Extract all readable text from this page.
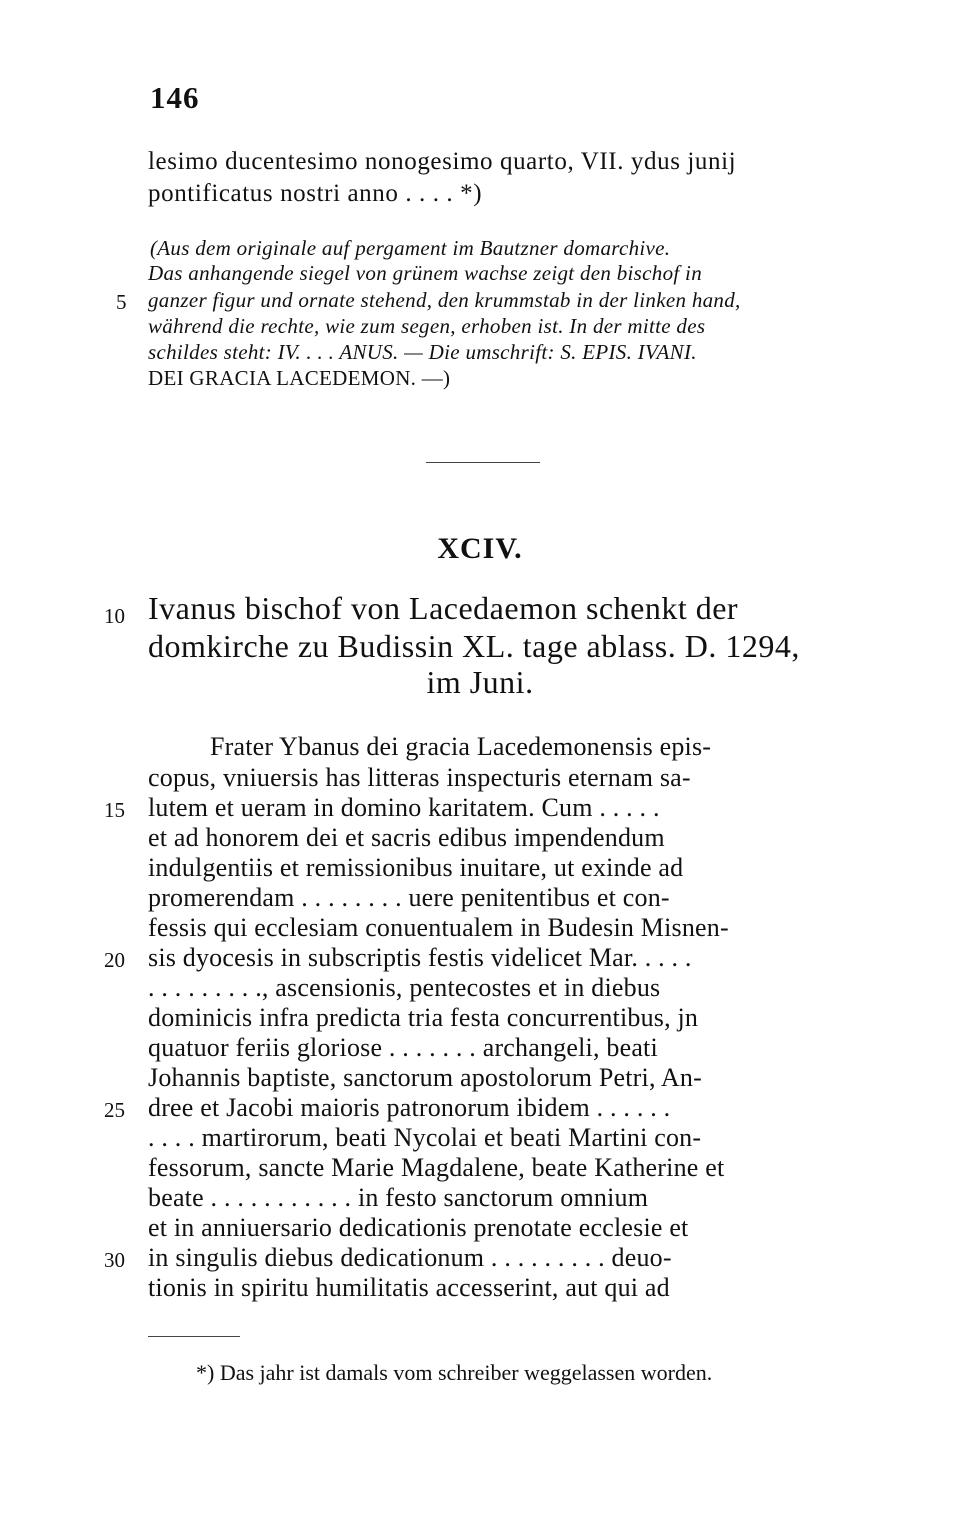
146
lesimo ducentesimo nonogesimo quarto, VII. ydus junij
pontificatus nostri anno . . . . *)
(Aus dem originale auf pergament im Bautzner domarchive.
Das anhangende siegel von grünem wachse zeigt den bischof in
ganzer figur und ornate stehend, den krummstab in der linken hand,
während die rechte, wie zum segen, erhoben ist. In der mitte des
schildes steht: IV. . . . ANUS. — Die umschrift: S. EPIS. IVANI.
DEI GRACIA LACEDEMON. —)
5
XCIV.
10 Ivanus bischof von Lacedaemon schenkt der
domkirche zu Budissin XL. tage ablass. D. 1294,
im Juni.
Frater Ybanus dei gracia Lacedemonensis epis-
copus, vniuersis has litteras inspecturis eternam sa-
lutem et ueram in domino karitatem. Cum . . . . .
et ad honorem dei et sacris edibus impendendum
indulgentiis et remissionibus inuitare, ut exinde ad
promerendam . . . . . . . . uere penitentibus et con-
fessis qui ecclesiam conuentualem in Budesin Misnen-
sis dyocesis in subscriptis festis videlicet Mar. . . . .
. . . . . . . . ., ascensionis, pentecostes et in diebus
dominicis infra predicta tria festa concurrentibus, jn
quatuor feriis gloriose . . . . . . . archangeli, beati
Johannis baptiste, sanctorum apostolorum Petri, An-
dree et Jacobi maioris patronorum ibidem . . . . . .
. . . . martirorum, beati Nycolai et beati Martini con-
fessorum, sancte Marie Magdalene, beate Katherine et
beate . . . . . . . . . . . in festo sanctorum omnium
et in anniuersario dedicationis prenotate ecclesie et
in singulis diebus dedicationum . . . . . . . . . deuo-
tionis in spiritu humilitatis accesserint, aut qui ad
15
20
25
30
*) Das jahr ist damals vom schreiber weggelassen worden.
